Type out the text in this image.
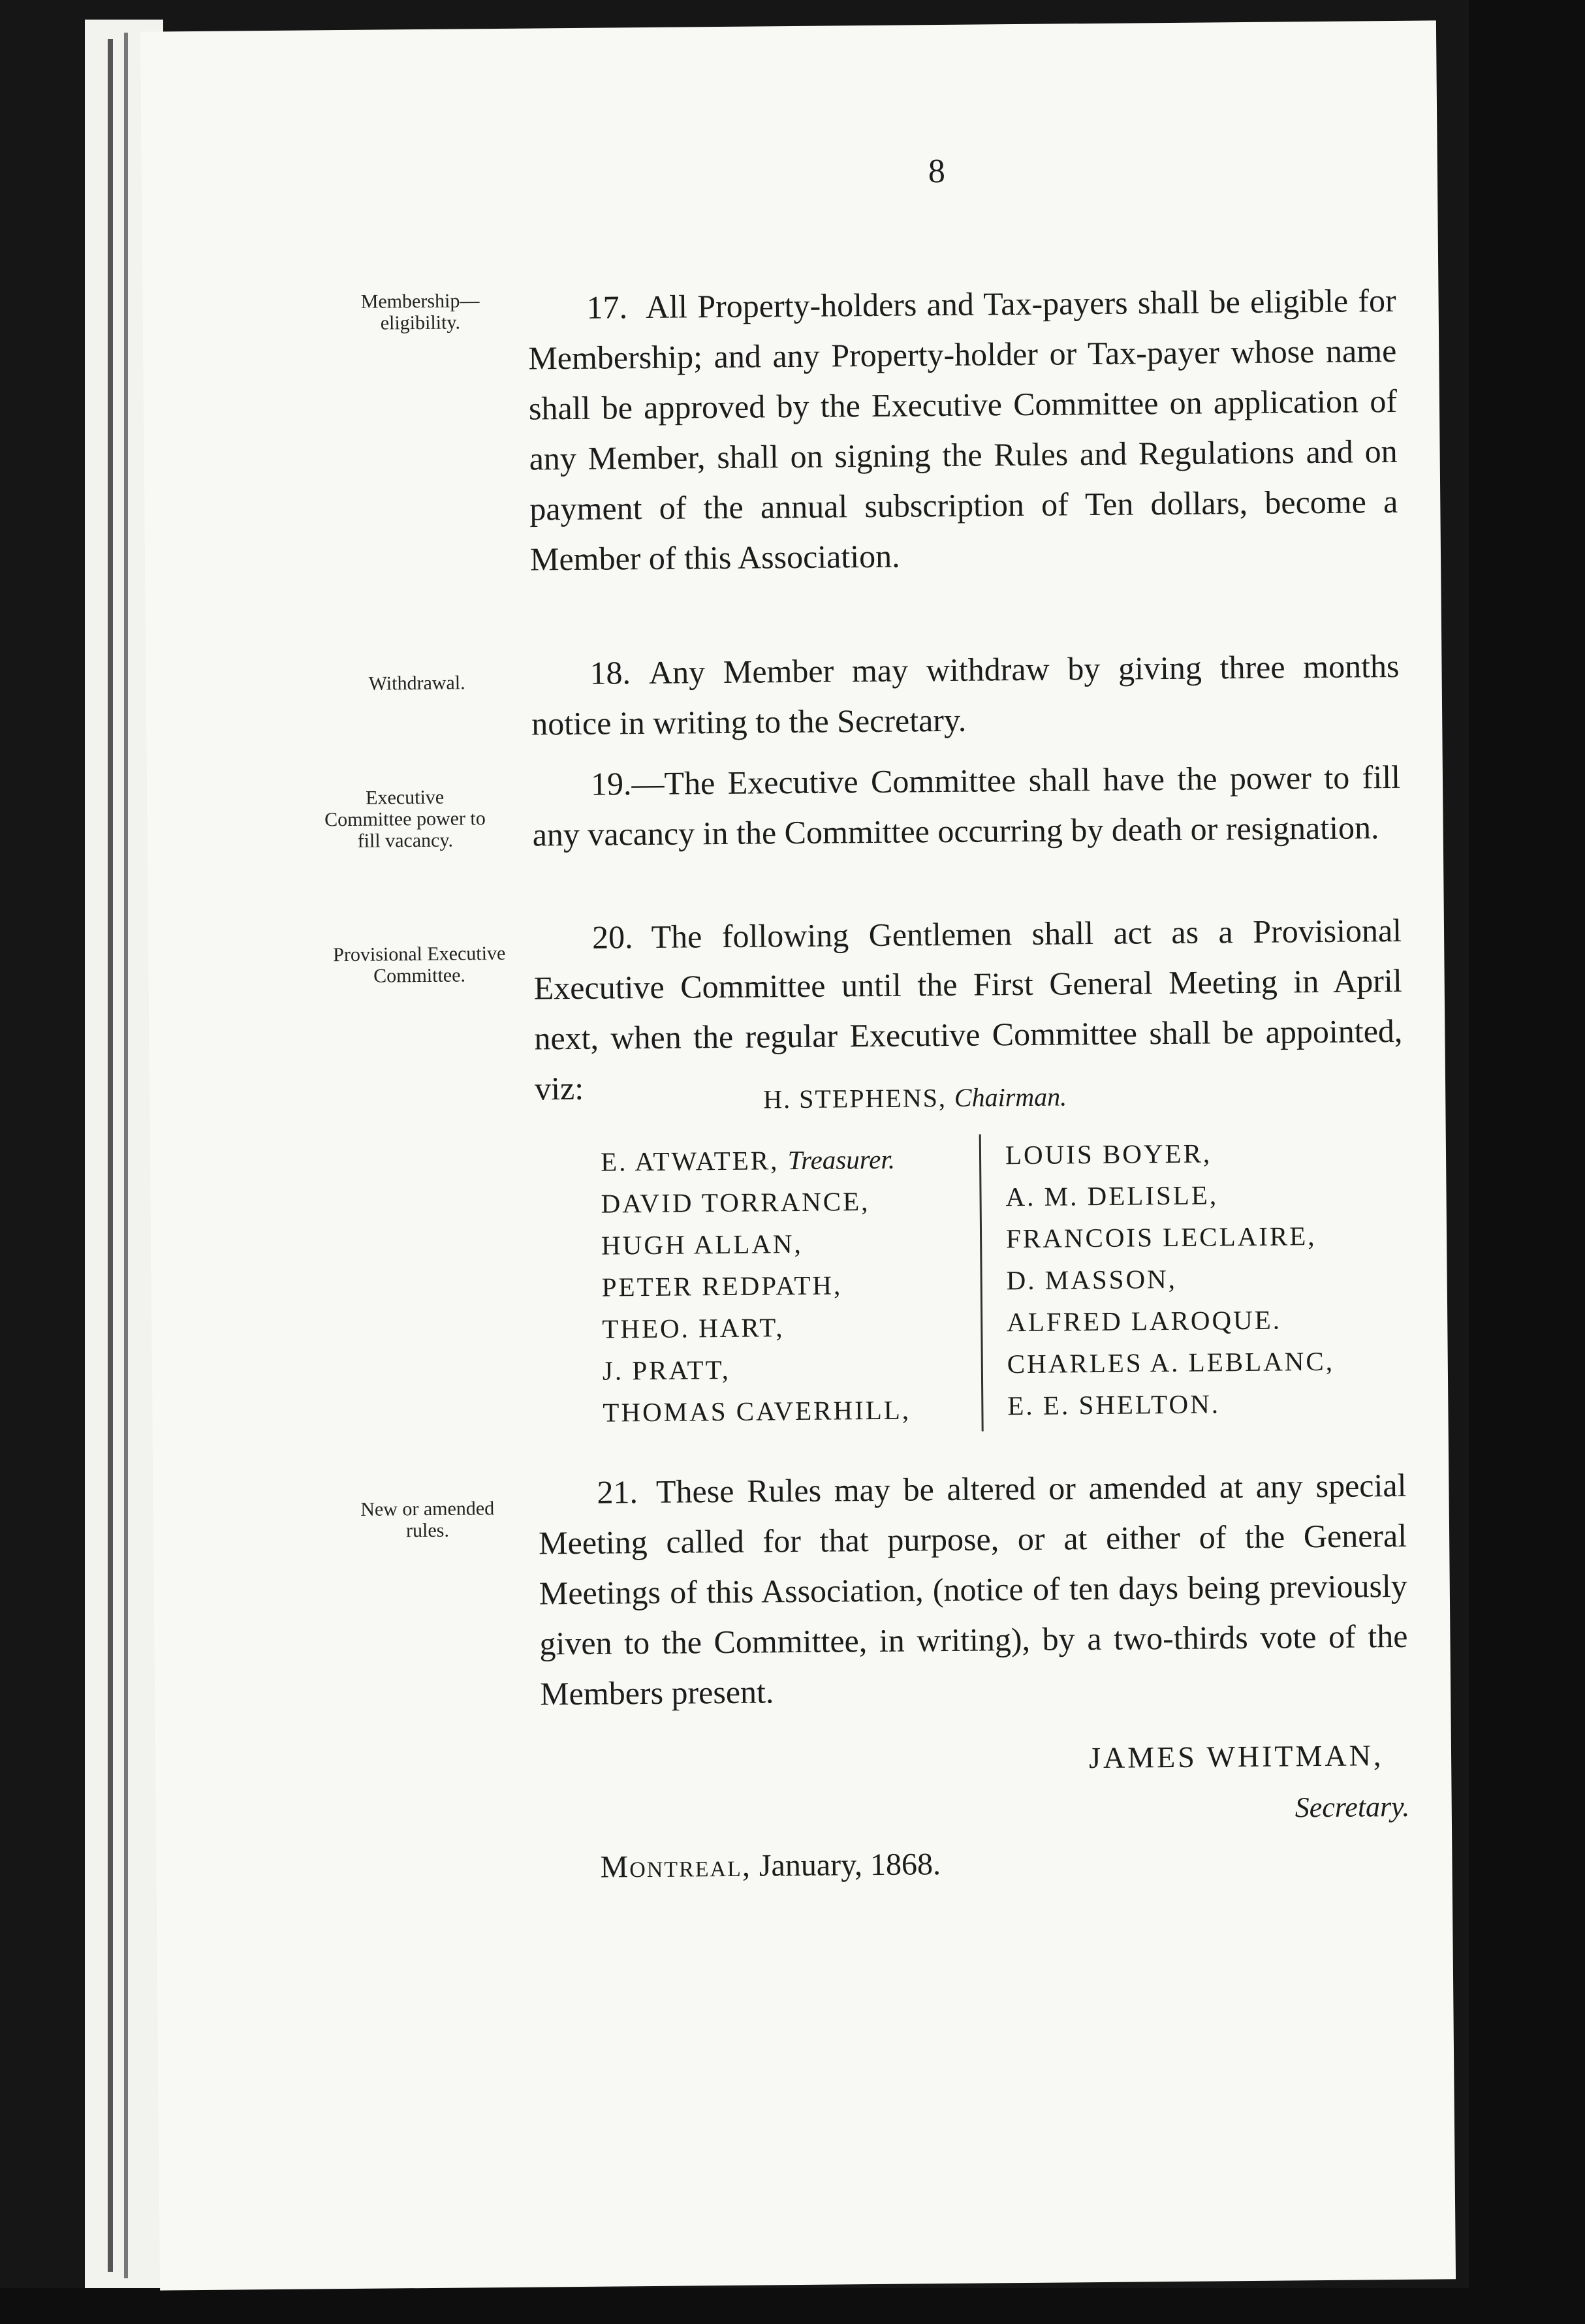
8
Membership— eligibility.
Withdrawal.
Executive Committee power to fill vacancy.
Provisional Executive Committee.
New or amended rules.
17. All Property-holders and Tax-payers shall be eligible for Membership; and any Property-holder or Tax-payer whose name shall be approved by the Executive Committee on application of any Member, shall on signing the Rules and Regulations and on payment of the annual subscription of Ten dollars, become a Member of this Association.
18. Any Member may withdraw by giving three months notice in writing to the Secretary.
19.—The Executive Committee shall have the power to fill any vacancy in the Committee occurring by death or resignation.
20. The following Gentlemen shall act as a Provisional Executive Committee until the First General Meeting in April next, when the regular Executive Committee shall be appointed, viz:	H. STEPHENS, Chairman.
E. ATWATER, Treasurer.
DAVID TORRANCE,
HUGH ALLAN,
PETER REDPATH,
THEO. HART,
J. PRATT,
THOMAS CAVERHILL,
LOUIS BOYER,
A. M. DELISLE,
FRANCOIS LECLAIRE,
D. MASSON,
ALFRED LAROQUE.
CHARLES A. LEBLANC,
E. E. SHELTON.
21. These Rules may be altered or amended at any special Meeting called for that purpose, or at either of the General Meetings of this Association, (notice of ten days being previously given to the Committee, in writing), by a two-thirds vote of the Members present.
JAMES WHITMAN,
Secretary.
Montreal, January, 1868.
